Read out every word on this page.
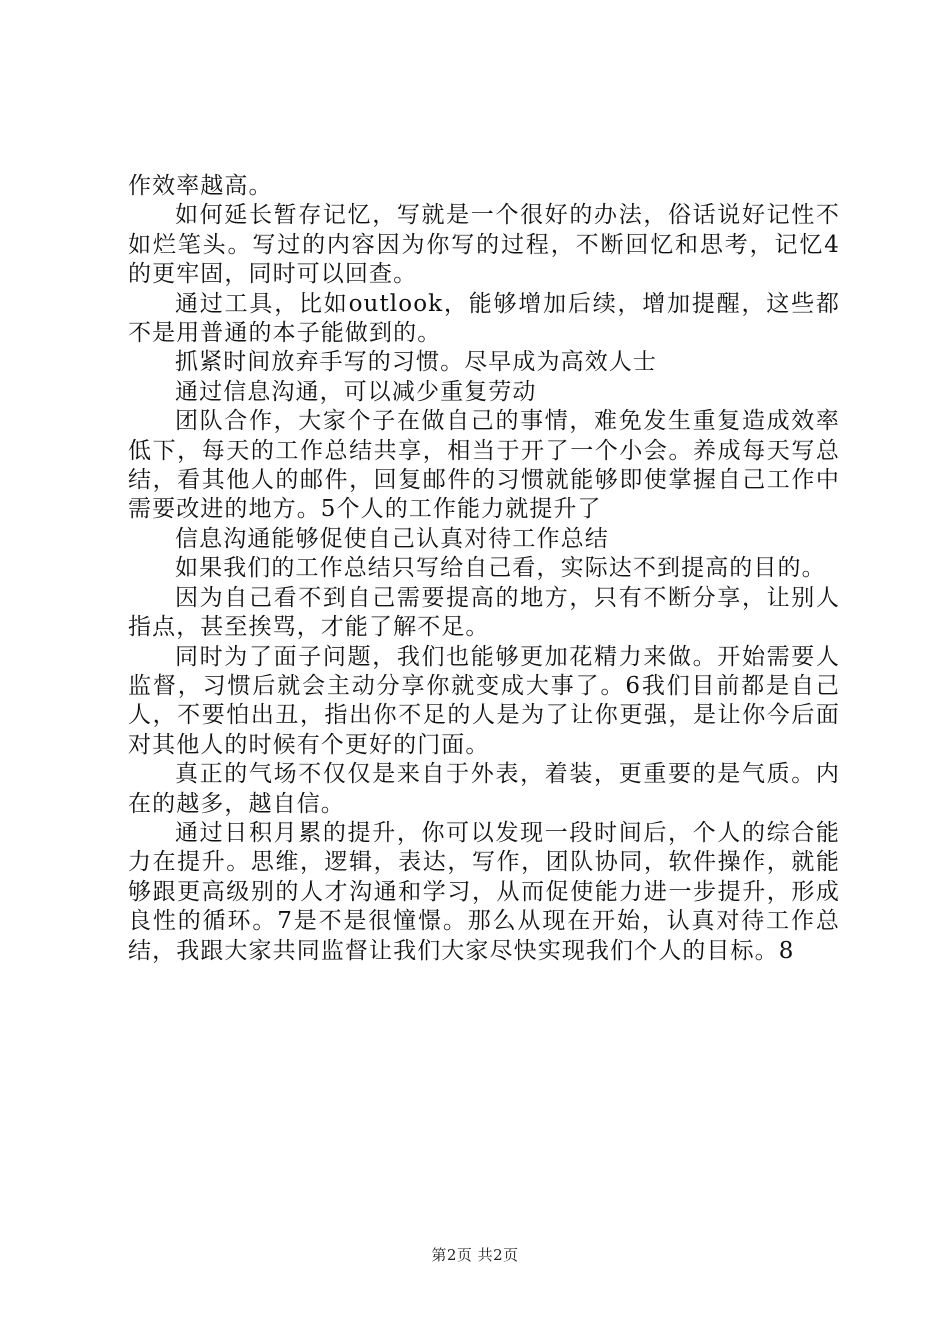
作效率越高。

如何延长暂存记忆，写就是一个很好的办法，俗话说好记性不如烂笔头。写过的内容因为你写的过程，不断回忆和思考，记忆4的更牢固，同时可以回查。

通过工具，比如outlook，能够增加后续，增加提醒，这些都不是用普通的本子能做到的。

抓紧时间放弃手写的习惯。尽早成为高效人士

通过信息沟通，可以减少重复劳动

团队合作，大家个子在做自己的事情，难免发生重复造成效率低下，每天的工作总结共享，相当于开了一个小会。养成每天写总结，看其他人的邮件，回复邮件的习惯就能够即使掌握自己工作中需要改进的地方。5个人的工作能力就提升了

信息沟通能够促使自己认真对待工作总结

如果我们的工作总结只写给自己看，实际达不到提高的目的。

因为自己看不到自己需要提高的地方，只有不断分享，让别人指点，甚至挨骂，才能了解不足。

同时为了面子问题，我们也能够更加花精力来做。开始需要人监督，习惯后就会主动分享你就变成大事了。6我们目前都是自己人，不要怕出丑，指出你不足的人是为了让你更强，是让你今后面对其他人的时候有个更好的门面。

真正的气场不仅仅是来自于外表，着装，更重要的是气质。内在的越多，越自信。

通过日积月累的提升，你可以发现一段时间后，个人的综合能力在提升。思维，逻辑，表达，写作，团队协同，软件操作，就能够跟更高级别的人才沟通和学习，从而促使能力进一步提升，形成良性的循环。7是不是很憧憬。那么从现在开始，认真对待工作总结，我跟大家共同监督让我们大家尽快实现我们个人的目标。8

第2页 共2页
